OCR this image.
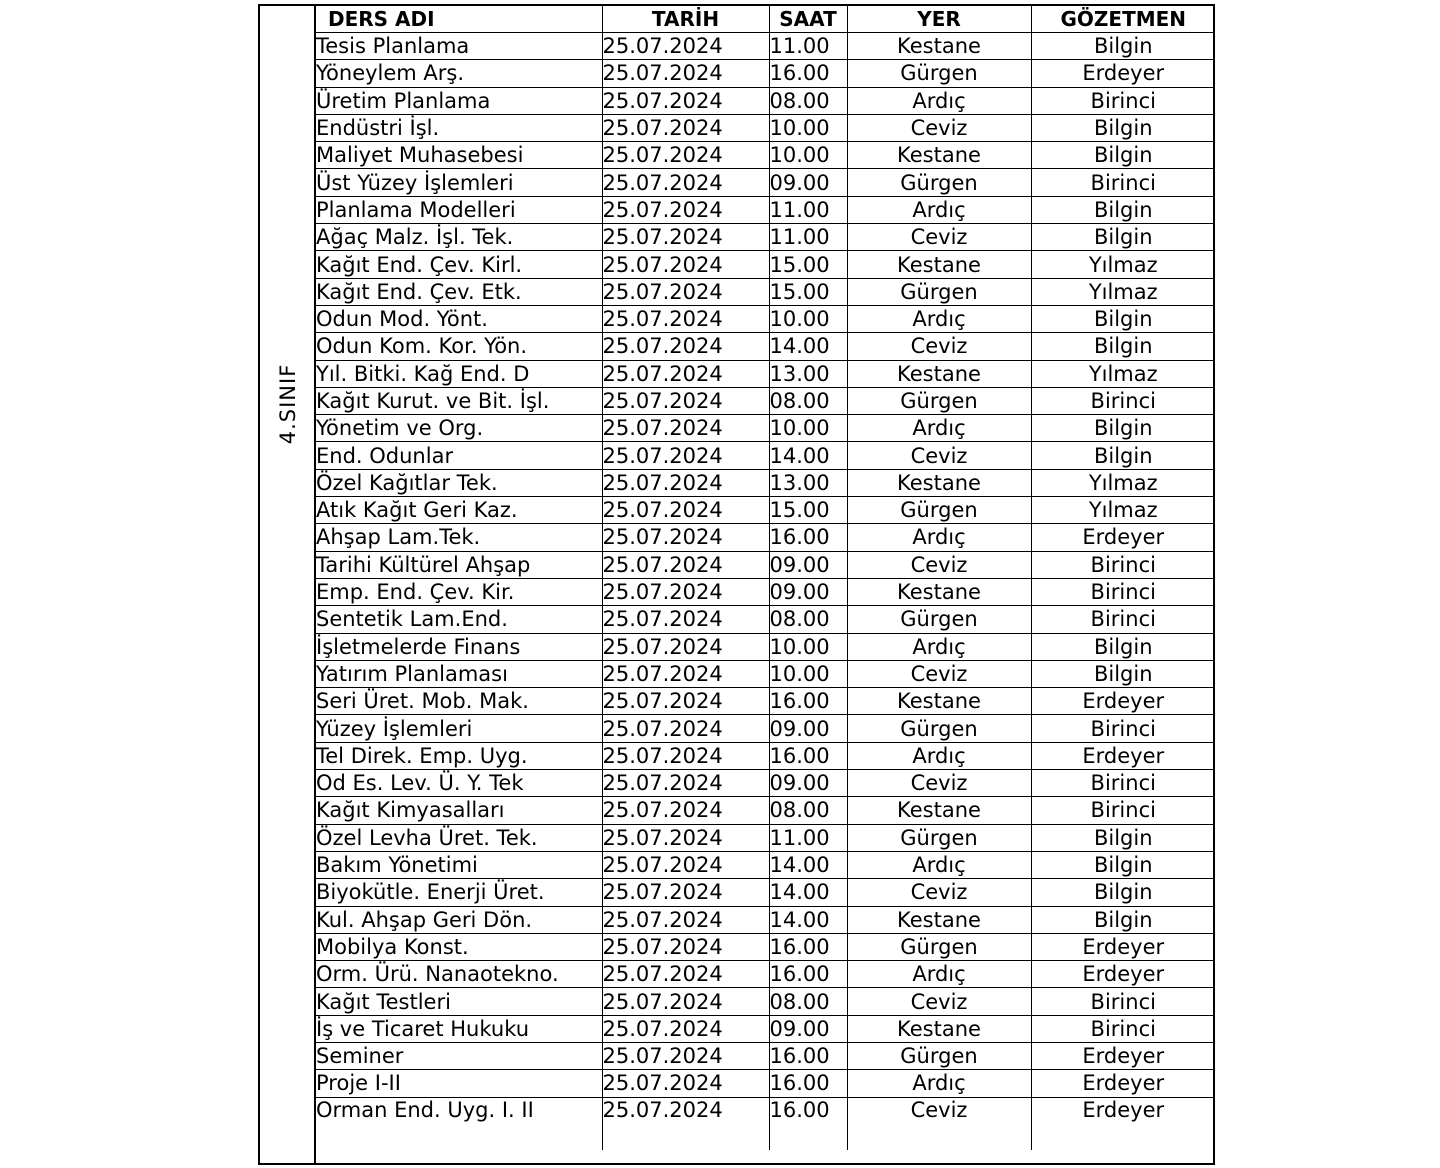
4.SINIF
DERS ADI	TARİH	SAAT	YER	GÖZETMEN
Tesis Planlama	25.07.2024	11.00	Kestane	Bilgin
Yöneylem Arş.	25.07.2024	16.00	Gürgen	Erdeyer
Üretim Planlama	25.07.2024	08.00	Ardıç	Birinci
Endüstri İşl.	25.07.2024	10.00	Ceviz	Bilgin
Maliyet Muhasebesi	25.07.2024	10.00	Kestane	Bilgin
Üst Yüzey İşlemleri	25.07.2024	09.00	Gürgen	Birinci
Planlama Modelleri	25.07.2024	11.00	Ardıç	Bilgin
Ağaç Malz. İşl. Tek.	25.07.2024	11.00	Ceviz	Bilgin
Kağıt End. Çev. Kirl.	25.07.2024	15.00	Kestane	Yılmaz
Kağıt End. Çev. Etk.	25.07.2024	15.00	Gürgen	Yılmaz
Odun Mod. Yönt.	25.07.2024	10.00	Ardıç	Bilgin
Odun Kom. Kor. Yön.	25.07.2024	14.00	Ceviz	Bilgin
Yıl. Bitki. Kağ End. D	25.07.2024	13.00	Kestane	Yılmaz
Kağıt Kurut. ve Bit. İşl.	25.07.2024	08.00	Gürgen	Birinci
Yönetim ve Org.	25.07.2024	10.00	Ardıç	Bilgin
End. Odunlar	25.07.2024	14.00	Ceviz	Bilgin
Özel Kağıtlar Tek.	25.07.2024	13.00	Kestane	Yılmaz
Atık Kağıt Geri Kaz.	25.07.2024	15.00	Gürgen	Yılmaz
Ahşap Lam.Tek.	25.07.2024	16.00	Ardıç	Erdeyer
Tarihi Kültürel Ahşap	25.07.2024	09.00	Ceviz	Birinci
Emp. End. Çev. Kir.	25.07.2024	09.00	Kestane	Birinci
Sentetik Lam.End.	25.07.2024	08.00	Gürgen	Birinci
İşletmelerde Finans	25.07.2024	10.00	Ardıç	Bilgin
Yatırım Planlaması	25.07.2024	10.00	Ceviz	Bilgin
Seri Üret. Mob. Mak.	25.07.2024	16.00	Kestane	Erdeyer
Yüzey İşlemleri	25.07.2024	09.00	Gürgen	Birinci
Tel Direk. Emp. Uyg.	25.07.2024	16.00	Ardıç	Erdeyer
Od Es. Lev. Ü. Y. Tek	25.07.2024	09.00	Ceviz	Birinci
Kağıt Kimyasalları	25.07.2024	08.00	Kestane	Birinci
Özel Levha Üret. Tek.	25.07.2024	11.00	Gürgen	Bilgin
Bakım Yönetimi	25.07.2024	14.00	Ardıç	Bilgin
Biyokütle. Enerji Üret.	25.07.2024	14.00	Ceviz	Bilgin
Kul. Ahşap Geri Dön.	25.07.2024	14.00	Kestane	Bilgin
Mobilya Konst.	25.07.2024	16.00	Gürgen	Erdeyer
Orm. Ürü. Nanaotekno.	25.07.2024	16.00	Ardıç	Erdeyer
Kağıt Testleri	25.07.2024	08.00	Ceviz	Birinci
İş ve Ticaret Hukuku	25.07.2024	09.00	Kestane	Birinci
Seminer	25.07.2024	16.00	Gürgen	Erdeyer
Proje I-II	25.07.2024	16.00	Ardıç	Erdeyer
Orman End. Uyg. I. II	25.07.2024	16.00	Ceviz	Erdeyer
